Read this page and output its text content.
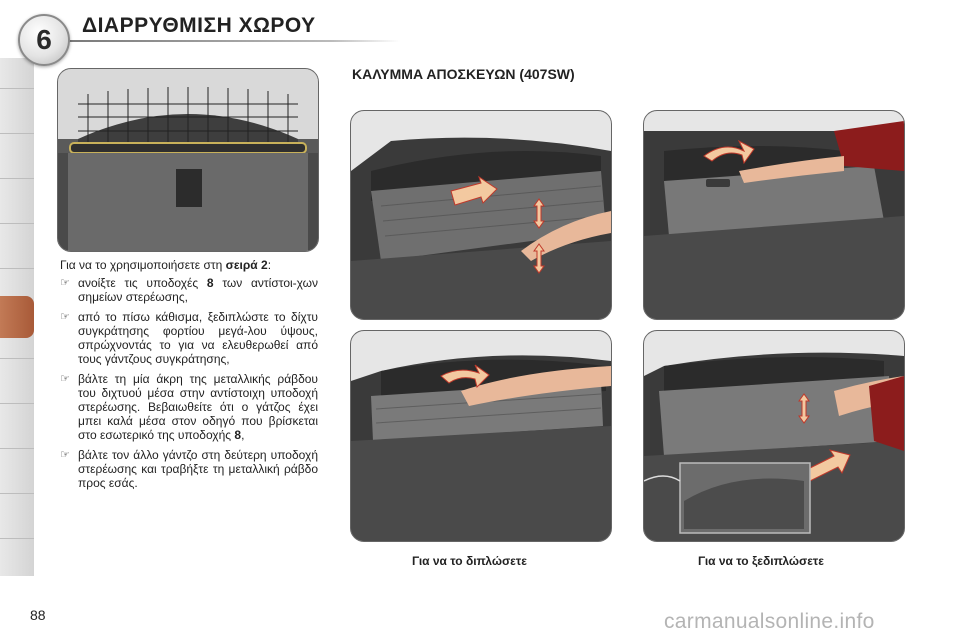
6	ΔΙΑΡΡΥΘΜΙΣΗ ΧΩΡΟΥ
ΚΑΛΥΜΜΑ ΑΠΟΣΚΕΥΩΝ (407SW)
Για να το χρησιμοποιήσετε στη σειρά 2:
☞ ανοίξτε τις υποδοχές 8 των αντίστοι-χων σημείων στερέωσης,
☞ από το πίσω κάθισμα, ξεδιπλώστε το δίχτυ συγκράτησης φορτίου μεγά-λου ύψους, σπρώχνοντάς το για να ελευθερωθεί από τους γάντζους συγκράτησης,
☞ βάλτε τη μία άκρη της μεταλλικής ράβδου του διχτυού μέσα στην αντίστοιχη υποδοχή στερέωσης. Βεβαιωθείτε ότι ο γάτζος έχει μπει καλά μέσα στον οδηγό που βρίσκεται στο εσωτερικό της υποδοχής 8,
☞ βάλτε τον άλλο γάντζο στη δεύτερη υποδοχή στερέωσης και τραβήξτε τη μεταλλική ράβδο προς εσάς.
Για να το διπλώσετε	Για να το ξεδιπλώσετε
88	carmanualsonline.info
